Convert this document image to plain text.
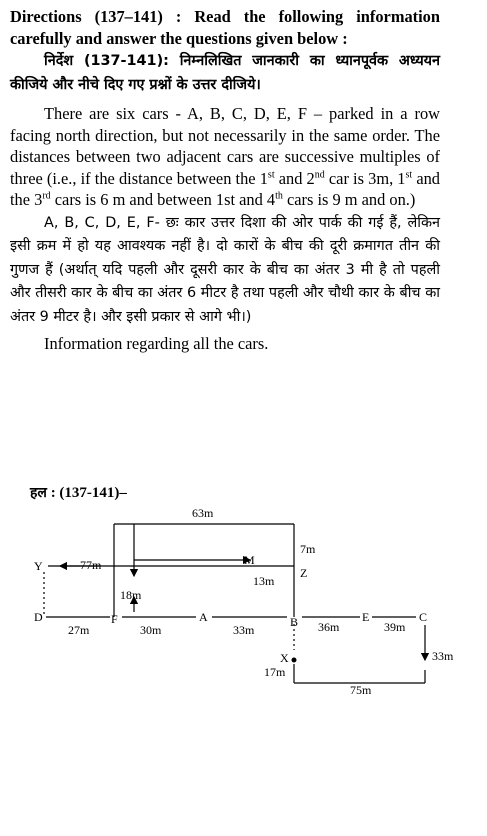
Directions (137–141) : Read the following information carefully and answer the questions given below :

निर्देश (137-141): निम्नलिखित जानकारी का ध्यानपूर्वक अध्ययन कीजिये और नीचे दिए गए प्रश्नों के उत्तर दीजिये।

There are six cars - A, B, C, D, E, F – parked in a row facing north direction, but not necessarily in the same order. The distances between two adjacent cars are successive multiples of three (i.e., if the distance between the 1st and 2nd car is 3m, 1st and the 3rd cars is 6 m and between 1st and 4th cars is 9 m and on.)

A, B, C, D, E, F- छः कार उत्तर दिशा की ओर पार्क की गई हैं, लेकिन इसी क्रम में हो यह आवश्यक नहीं है। दो कारों के बीच की दूरी क्रमागत तीन की गुणज हैं (अर्थात् यदि पहली और दूसरी कार के बीच का अंतर 3 मी है तो पहली और तीसरी कार के बीच का अंतर 6 मीटर है तथा पहली और चौथी कार के बीच का अंतर 9 मीटर है। और इसी प्रकार से आगे भी।)

Information regarding all the cars.

हल : (137-141)–
Y	M
Z
D	F	A	B	E	C
X
63m
77m
13m
7m
18m
27m	30m	33m	36m	39m
33m
17m
75m
